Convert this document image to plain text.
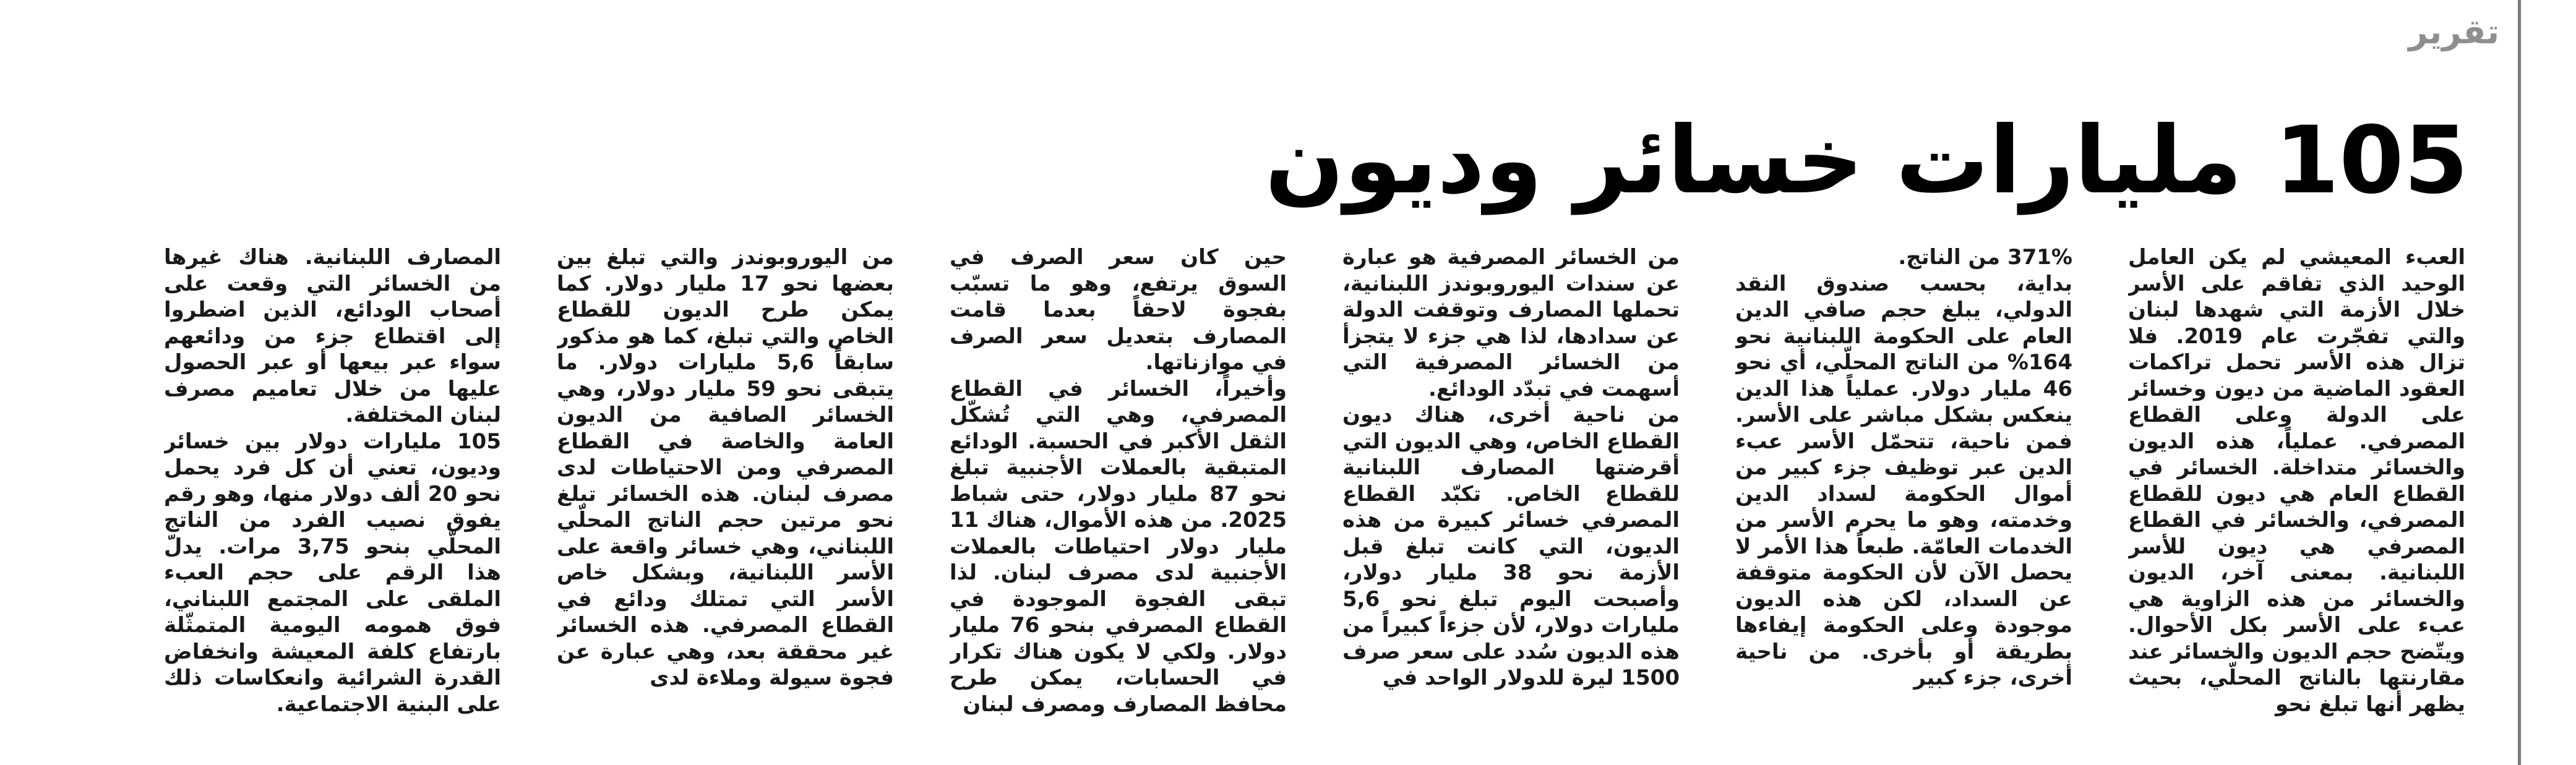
تقرير
105 مليارات خسائر وديون

العبء المعيشي لم يكن العامل الوحيد الذي تفاقم على الأسر خلال الأزمة التي شهدها لبنان والتي تفجّرت عام 2019. فلا تزال هذه الأسر تحمل تراكمات العقود الماضية من ديون وخسائر على الدولة وعلى القطاع المصرفي. عملياً، هذه الديون والخسائر متداخلة. الخسائر في القطاع العام هي ديون للقطاع المصرفي، والخسائر في القطاع المصرفي هي ديون للأسر اللبنانية. بمعنى آخر، الديون والخسائر من هذه الزاوية هي عبء على الأسر بكل الأحوال. ويتّضح حجم الديون والخسائر عند مقارنتها بالناتج المحلّي، بحيث يظهر أنها تبلغ نحو

371% من الناتج.

بداية، بحسب صندوق النقد الدولي، يبلغ حجم صافي الدين العام على الحكومة اللبنانية نحو 164% من الناتج المحلّي، أي نحو 46 مليار دولار. عملياً هذا الدين ينعكس بشكل مباشر على الأسر. فمن ناحية، تتحمّل الأسر عبء الدين عبر توظيف جزء كبير من أموال الحكومة لسداد الدين وخدمته، وهو ما يحرم الأسر من الخدمات العامّة. طبعاً هذا الأمر لا يحصل الآن لأن الحكومة متوقفة عن السداد، لكن هذه الديون موجودة وعلى الحكومة إيفاءها بطريقة أو بأخرى. من ناحية أخرى، جزء كبير

من الخسائر المصرفية هو عبارة عن سندات اليوروبوندز اللبنانية، تحملها المصارف وتوقفت الدولة عن سدادها، لذا هي جزء لا يتجزأ من الخسائر المصرفية التي أسهمت في تبدّد الودائع.

من ناحية أخرى، هناك ديون القطاع الخاص، وهي الديون التي أقرضتها المصارف اللبنانية للقطاع الخاص. تكبّد القطاع المصرفي خسائر كبيرة من هذه الديون، التي كانت تبلغ قبل الأزمة نحو 38 مليار دولار، وأصبحت اليوم تبلغ نحو 5,6 مليارات دولار، لأن جزءاً كبيراً من هذه الديون سُدد على سعر صرف 1500 ليرة للدولار الواحد في

حين كان سعر الصرف في السوق يرتفع، وهو ما تسبّب بفجوة لاحقاً بعدما قامت المصارف بتعديل سعر الصرف في موازناتها.

وأخيراً، الخسائر في القطاع المصرفي، وهي التي تُشكّل الثقل الأكبر في الحسبة. الودائع المتبقية بالعملات الأجنبية تبلغ نحو 87 مليار دولار، حتى شباط 2025. من هذه الأموال، هناك 11 مليار دولار احتياطات بالعملات الأجنبية لدى مصرف لبنان. لذا تبقى الفجوة الموجودة في القطاع المصرفي بنحو 76 مليار دولار. ولكي لا يكون هناك تكرار في الحسابات، يمكن طرح محافظ المصارف ومصرف لبنان

من اليوروبوندز والتي تبلغ بين بعضها نحو 17 مليار دولار. كما يمكن طرح الديون للقطاع الخاص والتي تبلغ، كما هو مذكور سابقاً 5,6 مليارات دولار. ما يتبقى نحو 59 مليار دولار، وهي الخسائر الصافية من الديون العامة والخاصة في القطاع المصرفي ومن الاحتياطات لدى مصرف لبنان. هذه الخسائر تبلغ نحو مرتين حجم الناتج المحلّي اللبناني، وهي خسائر واقعة على الأسر اللبنانية، وبشكل خاص الأسر التي تمتلك ودائع في القطاع المصرفي. هذه الخسائر غير محققة بعد، وهي عبارة عن فجوة سيولة وملاءة لدى

المصارف اللبنانية. هناك غيرها من الخسائر التي وقعت على أصحاب الودائع، الذين اضطروا إلى اقتطاع جزء من ودائعهم سواء عبر بيعها أو عبر الحصول عليها من خلال تعاميم مصرف لبنان المختلفة.

105 مليارات دولار بين خسائر وديون، تعني أن كل فرد يحمل نحو 20 ألف دولار منها، وهو رقم يفوق نصيب الفرد من الناتج المحلّي بنحو 3,75 مرات. يدلّ هذا الرقم على حجم العبء الملقى على المجتمع اللبناني، فوق همومه اليومية المتمثّلة بارتفاع كلفة المعيشة وانخفاض القدرة الشرائية وانعكاسات ذلك على البنية الاجتماعية.
